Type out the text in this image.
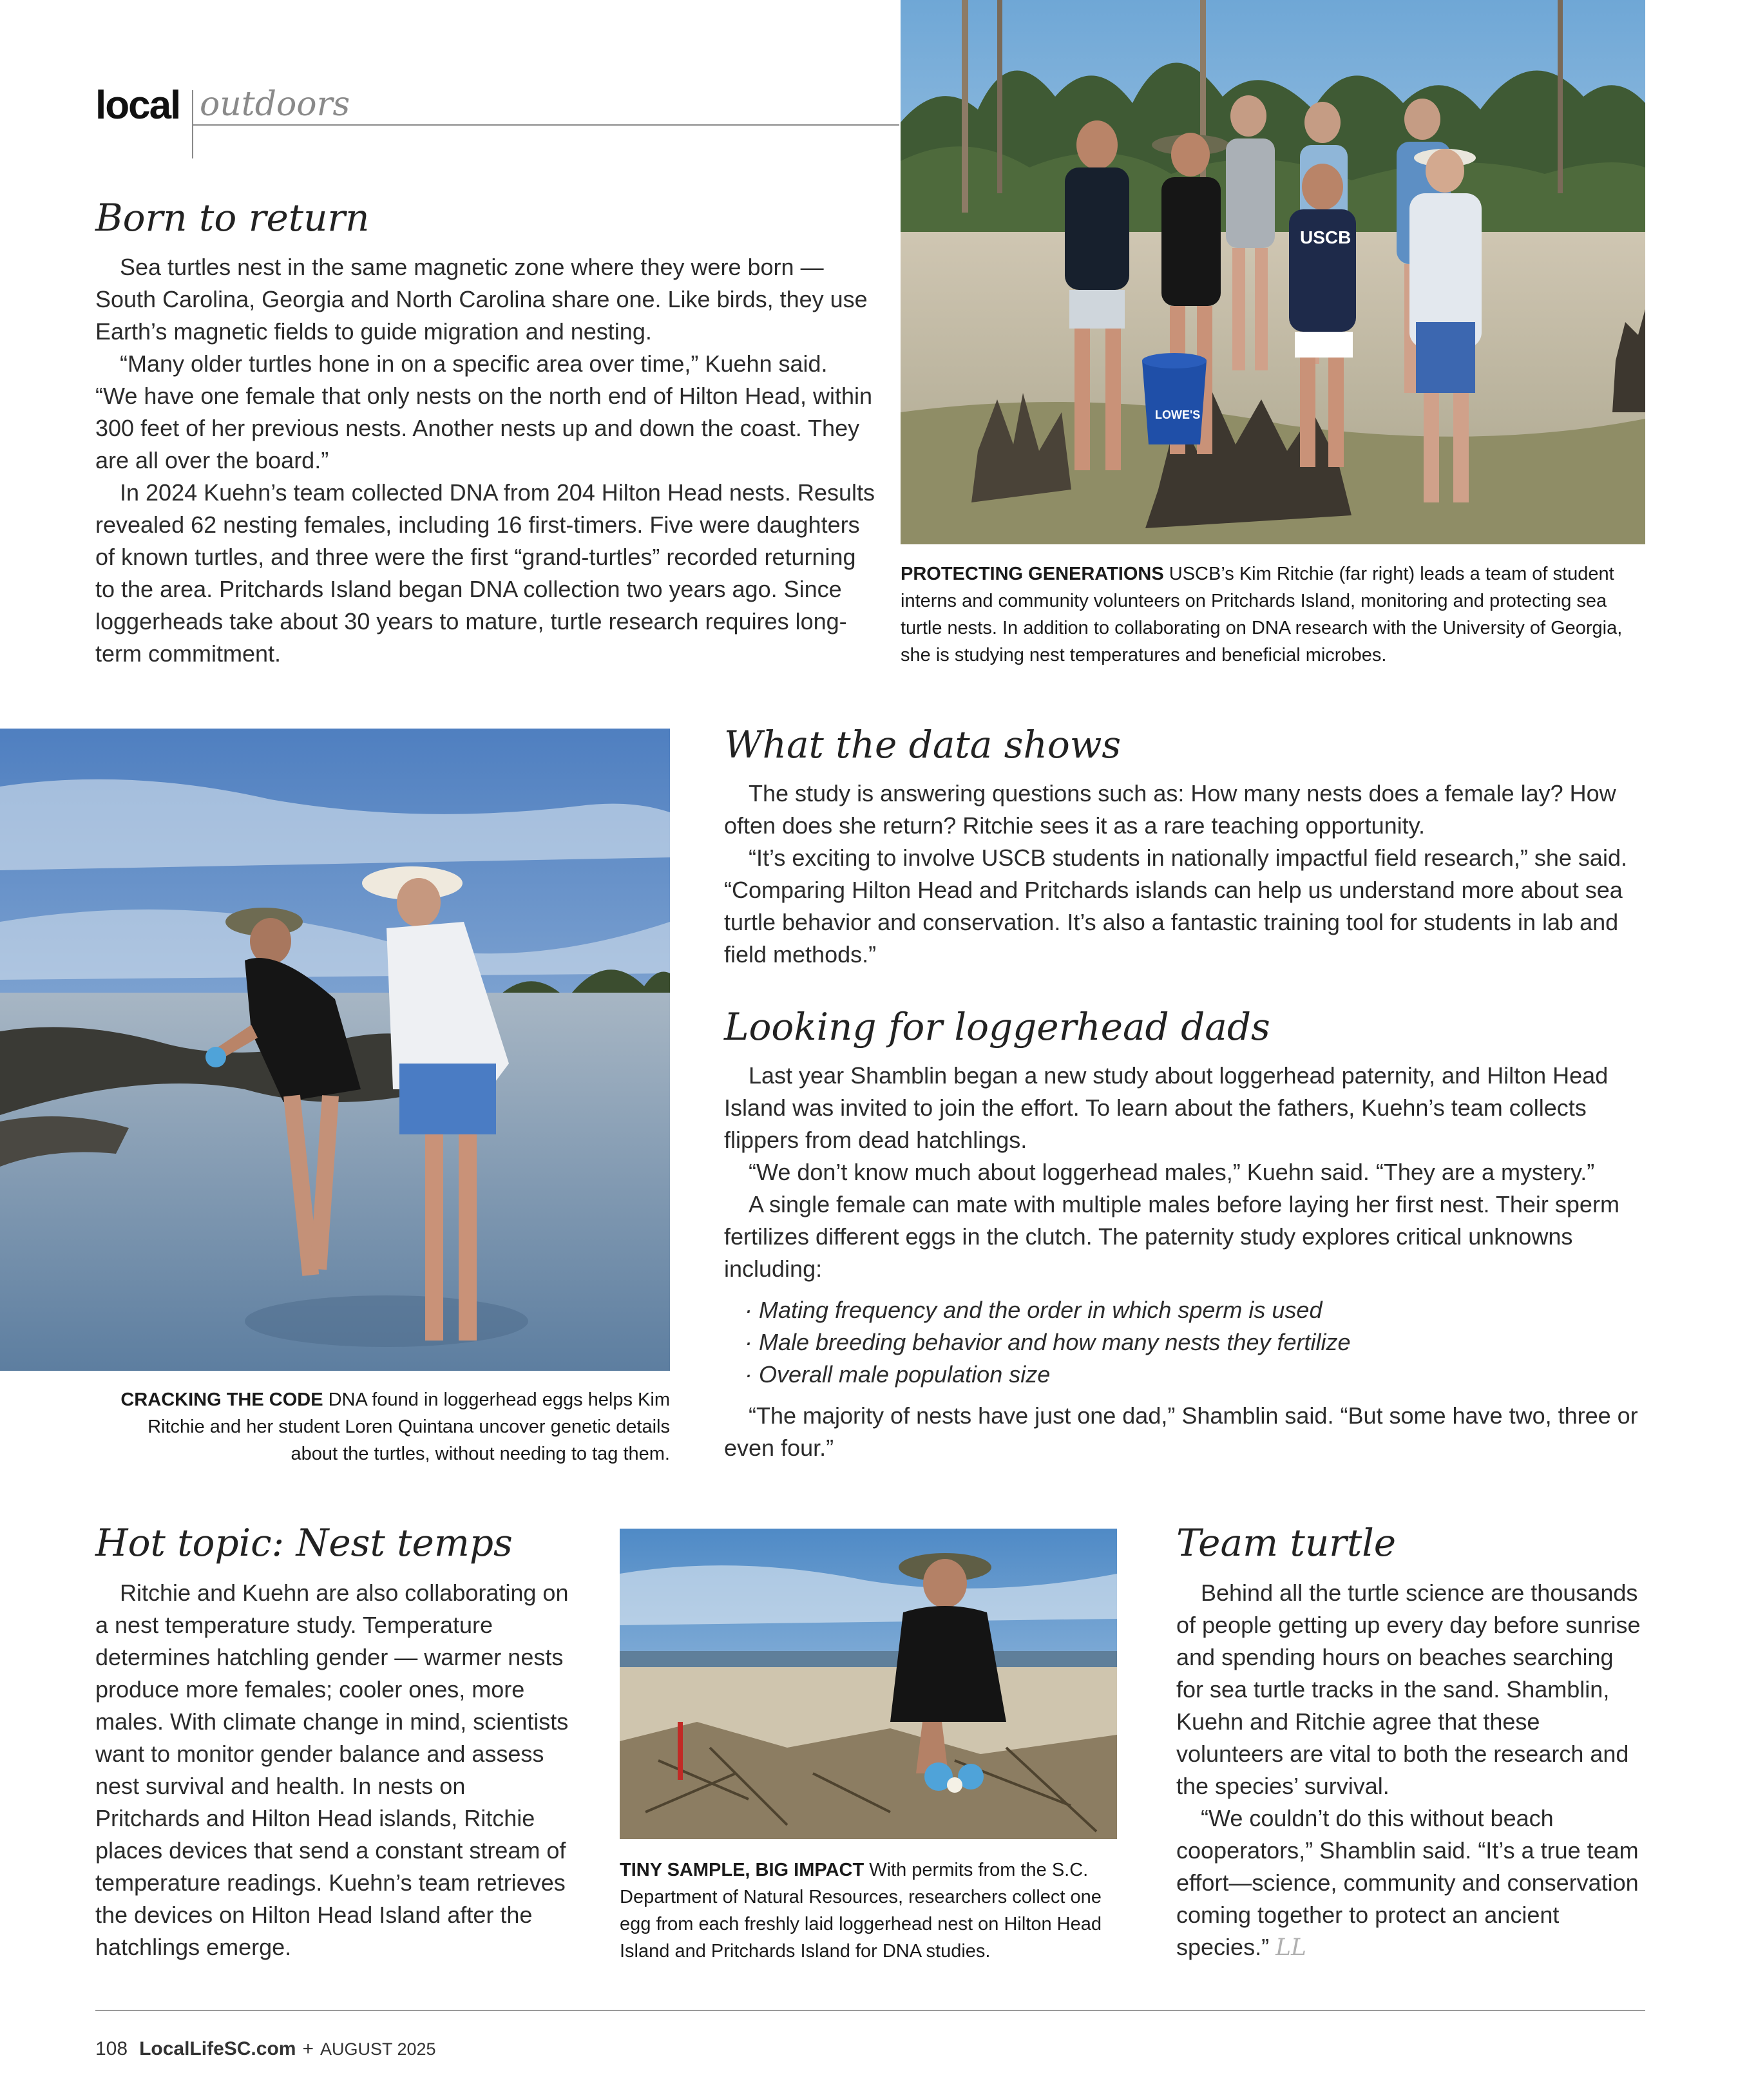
local outdoors
Born to return

Sea turtles nest in the same magnetic zone where they were born — South Carolina, Georgia and North Carolina share one. Like birds, they use Earth’s magnetic fields to guide migration and nesting.

“Many older turtles hone in on a specific area over time,” Kuehn said. “We have one female that only nests on the north end of Hilton Head, within 300 feet of her previous nests. Another nests up and down the coast. They are all over the board.”

In 2024 Kuehn’s team collected DNA from 204 Hilton Head nests. Results revealed 62 nesting females, including 16 first-timers. Five were daughters of known turtles, and three were the first “grand-turtles” recorded returning to the area. Pritchards Island began DNA collection two years ago. Since loggerheads take about 30 years to mature, turtle research requires long-term commitment.

USCB
LOWE'S
PROTECTING GENERATIONS USCB’s Kim Ritchie (far right) leads a team of student interns and community volunteers on Pritchards Island, monitoring and protecting sea turtle nests. In addition to collaborating on DNA research with the University of Georgia, she is studying nest temperatures and beneficial microbes.
CRACKING THE CODE DNA found in loggerhead eggs helps Kim Ritchie and her student Loren Quintana uncover genetic details about the turtles, without needing to tag them.
What the data shows

The study is answering questions such as: How many nests does a female lay? How often does she return? Ritchie sees it as a rare teaching opportunity.

“It’s exciting to involve USCB students in nationally impactful field research,” she said. “Comparing Hilton Head and Pritchards islands can help us understand more about sea turtle behavior and conservation. It’s also a fantastic training tool for students in lab and field methods.”

Looking for loggerhead dads

Last year Shamblin began a new study about loggerhead paternity, and Hilton Head Island was invited to join the effort. To learn about the fathers, Kuehn’s team collects flippers from dead hatchlings.

“We don’t know much about loggerhead males,” Kuehn said. “They are a mystery.”

A single female can mate with multiple males before laying her first nest. Their sperm fertilizes different eggs in the clutch. The paternity study explores critical unknowns including:

· Mating frequency and the order in which sperm is used
· Male breeding behavior and how many nests they fertilize
· Overall male population size

“The majority of nests have just one dad,” Shamblin said. “But some have two, three or even four.”

Hot topic: Nest temps

Ritchie and Kuehn are also collaborating on a nest temperature study. Temperature determines hatchling gender — warmer nests produce more females; cooler ones, more males. With climate change in mind, scientists want to monitor gender balance and assess nest survival and health. In nests on Pritchards and Hilton Head islands, Ritchie places devices that send a constant stream of temperature readings. Kuehn’s team retrieves the devices on Hilton Head Island after the hatchlings emerge.

TINY SAMPLE, BIG IMPACT With permits from the S.C. Department of Natural Resources, researchers collect one egg from each freshly laid loggerhead nest on Hilton Head Island and Pritchards Island for DNA studies.
Team turtle

Behind all the turtle science are thousands of people getting up every day before sunrise and spending hours on beaches searching for sea turtle tracks in the sand. Shamblin, Kuehn and Ritchie agree that these volunteers are vital to both the research and the species’ survival.

“We couldn’t do this without beach cooperators,” Shamblin said. “It’s a true team effort—science, community and conservation coming together to protect an ancient species.” LL

108 LocalLifeSC.com + AUGUST 2025
